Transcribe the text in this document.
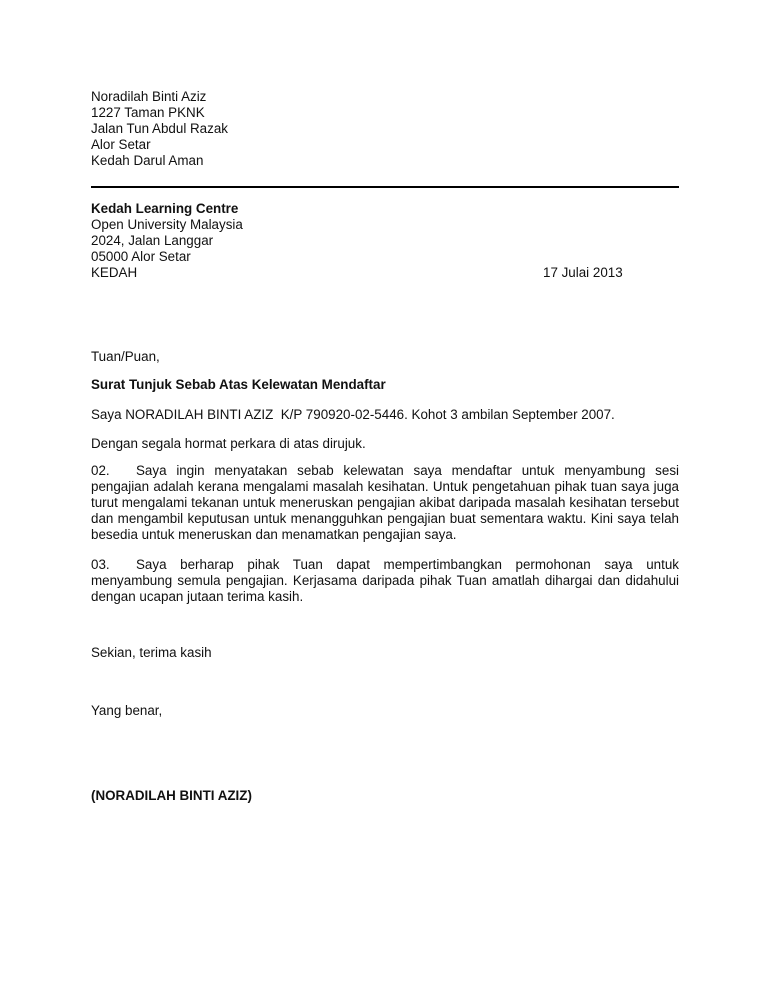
Noradilah Binti Aziz
1227 Taman PKNK
Jalan Tun Abdul Razak
Alor Setar
Kedah Darul Aman
Kedah Learning Centre
Open University Malaysia
2024, Jalan Langgar
05000 Alor Setar
KEDAH	17 Julai 2013
Tuan/Puan,
Surat Tunjuk Sebab Atas Kelewatan Mendaftar
Saya NORADILAH BINTI AZIZ  K/P 790920-02-5446. Kohot 3 ambilan September 2007.
Dengan segala hormat perkara di atas dirujuk.
02. Saya ingin menyatakan sebab kelewatan saya mendaftar untuk menyambung sesi pengajian adalah kerana mengalami masalah kesihatan. Untuk pengetahuan pihak tuan saya juga turut mengalami tekanan untuk meneruskan pengajian akibat daripada masalah kesihatan tersebut dan mengambil keputusan untuk menangguhkan pengajian buat sementara waktu. Kini saya telah besedia untuk meneruskan dan menamatkan pengajian saya.
03. Saya berharap pihak Tuan dapat mempertimbangkan permohonan saya untuk menyambung semula pengajian. Kerjasama daripada pihak Tuan amatlah dihargai dan didahului dengan ucapan jutaan terima kasih.
Sekian, terima kasih
Yang benar,
(NORADILAH BINTI AZIZ)
